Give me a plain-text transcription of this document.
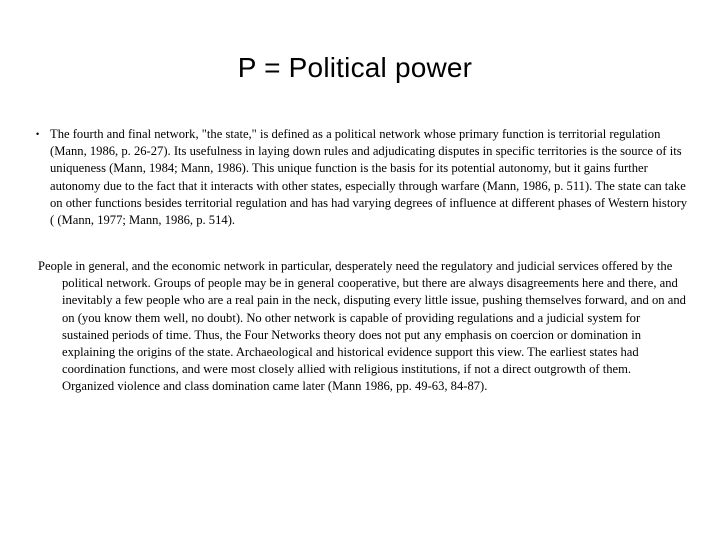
P = Political power
• The fourth and final network, "the state," is defined as a political network whose primary function is territorial regulation (Mann, 1986, p. 26-27). Its usefulness in laying down rules and adjudicating disputes in specific territories is the source of its uniqueness (Mann, 1984; Mann, 1986). This unique function is the basis for its potential autonomy, but it gains further autonomy due to the fact that it interacts with other states, especially through warfare (Mann, 1986, p. 511). The state can take on other functions besides territorial regulation and has had varying degrees of influence at different phases of Western history ( (Mann, 1977; Mann, 1986, p. 514).
People in general, and the economic network in particular, desperately need the regulatory and judicial services offered by the political network. Groups of people may be in general cooperative, but there are always disagreements here and there, and inevitably a few people who are a real pain in the neck, disputing every little issue, pushing themselves forward, and on and on (you know them well, no doubt). No other network is capable of providing regulations and a judicial system for sustained periods of time. Thus, the Four Networks theory does not put any emphasis on coercion or domination in explaining the origins of the state. Archaeological and historical evidence support this view. The earliest states had coordination functions, and were most closely allied with religious institutions, if not a direct outgrowth of them. Organized violence and class domination came later (Mann 1986, pp. 49-63, 84-87).
